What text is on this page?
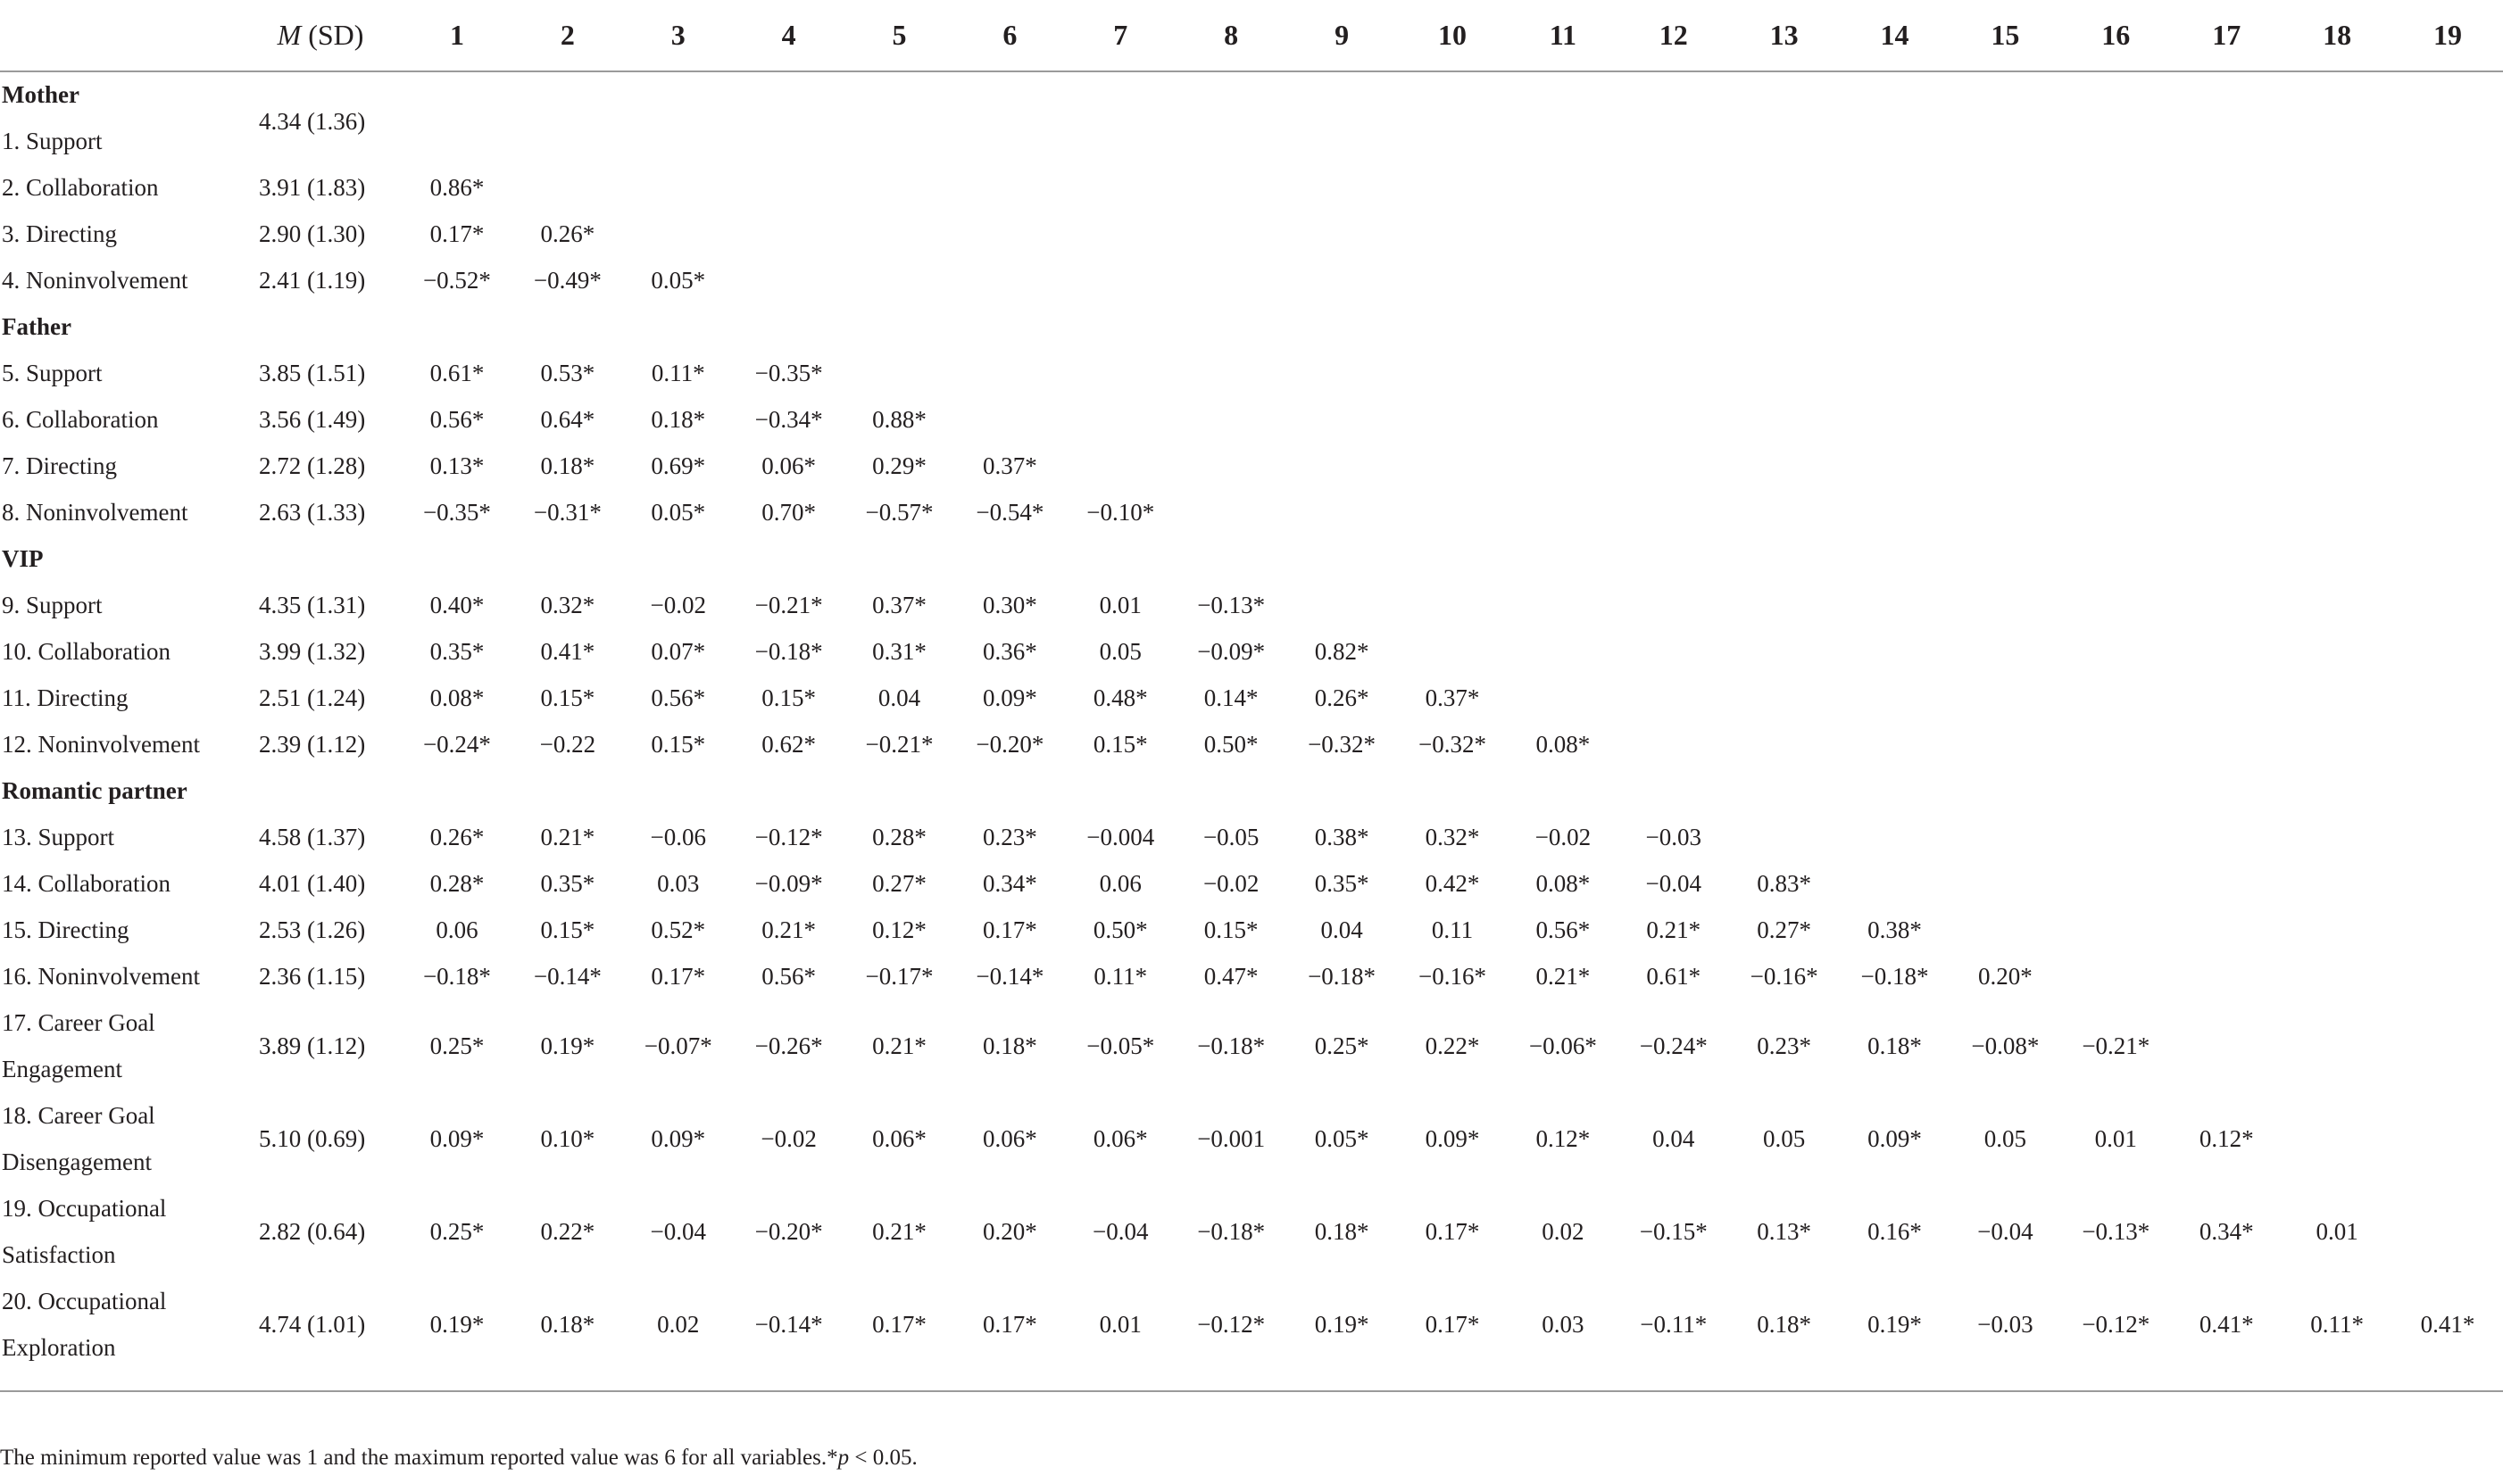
	M (SD)	1	2	3	4	5	6	7	8	9	10	11	12	13	14	15	16	17	18	19
Mother																				
1. Support	4.34 (1.36)																			
2. Collaboration	3.91 (1.83)	0.86*																		
3. Directing	2.90 (1.30)	0.17*	0.26*																	
4. Noninvolvement	2.41 (1.19)	−0.52*	−0.49*	0.05*																
Father																				
5. Support	3.85 (1.51)	0.61*	0.53*	0.11*	−0.35*															
6. Collaboration	3.56 (1.49)	0.56*	0.64*	0.18*	−0.34*	0.88*														
7. Directing	2.72 (1.28)	0.13*	0.18*	0.69*	0.06*	0.29*	0.37*													
8. Noninvolvement	2.63 (1.33)	−0.35*	−0.31*	0.05*	0.70*	−0.57*	−0.54*	−0.10*												
VIP																				
9. Support	4.35 (1.31)	0.40*	0.32*	−0.02	−0.21*	0.37*	0.30*	0.01	−0.13*											
10. Collaboration	3.99 (1.32)	0.35*	0.41*	0.07*	−0.18*	0.31*	0.36*	0.05	−0.09*	0.82*										
11. Directing	2.51 (1.24)	0.08*	0.15*	0.56*	0.15*	0.04	0.09*	0.48*	0.14*	0.26*	0.37*									
12. Noninvolvement	2.39 (1.12)	−0.24*	−0.22	0.15*	0.62*	−0.21*	−0.20*	0.15*	0.50*	−0.32*	−0.32*	0.08*								
Romantic partner																				
13. Support	4.58 (1.37)	0.26*	0.21*	−0.06	−0.12*	0.28*	0.23*	−0.004	−0.05	0.38*	0.32*	−0.02	−0.03							
14. Collaboration	4.01 (1.40)	0.28*	0.35*	0.03	−0.09*	0.27*	0.34*	0.06	−0.02	0.35*	0.42*	0.08*	−0.04	0.83*						
15. Directing	2.53 (1.26)	0.06	0.15*	0.52*	0.21*	0.12*	0.17*	0.50*	0.15*	0.04	0.11	0.56*	0.21*	0.27*	0.38*					
16. Noninvolvement	2.36 (1.15)	−0.18*	−0.14*	0.17*	0.56*	−0.17*	−0.14*	0.11*	0.47*	−0.18*	−0.16*	0.21*	0.61*	−0.16*	−0.18*	0.20*				
17. Career Goal Engagement	3.89 (1.12)	0.25*	0.19*	−0.07*	−0.26*	0.21*	0.18*	−0.05*	−0.18*	0.25*	0.22*	−0.06*	−0.24*	0.23*	0.18*	−0.08*	−0.21*			
18. Career Goal Disengagement	5.10 (0.69)	0.09*	0.10*	0.09*	−0.02	0.06*	0.06*	0.06*	−0.001	0.05*	0.09*	0.12*	0.04	0.05	0.09*	0.05	0.01	0.12*		
19. Occupational Satisfaction	2.82 (0.64)	0.25*	0.22*	−0.04	−0.20*	0.21*	0.20*	−0.04	−0.18*	0.18*	0.17*	0.02	−0.15*	0.13*	0.16*	−0.04	−0.13*	0.34*	0.01	
20. Occupational Exploration	4.74 (1.01)	0.19*	0.18*	0.02	−0.14*	0.17*	0.17*	0.01	−0.12*	0.19*	0.17*	0.03	−0.11*	0.18*	0.19*	−0.03	−0.12*	0.41*	0.11*	0.41*
The minimum reported value was 1 and the maximum reported value was 6 for all variables.*p < 0.05.
